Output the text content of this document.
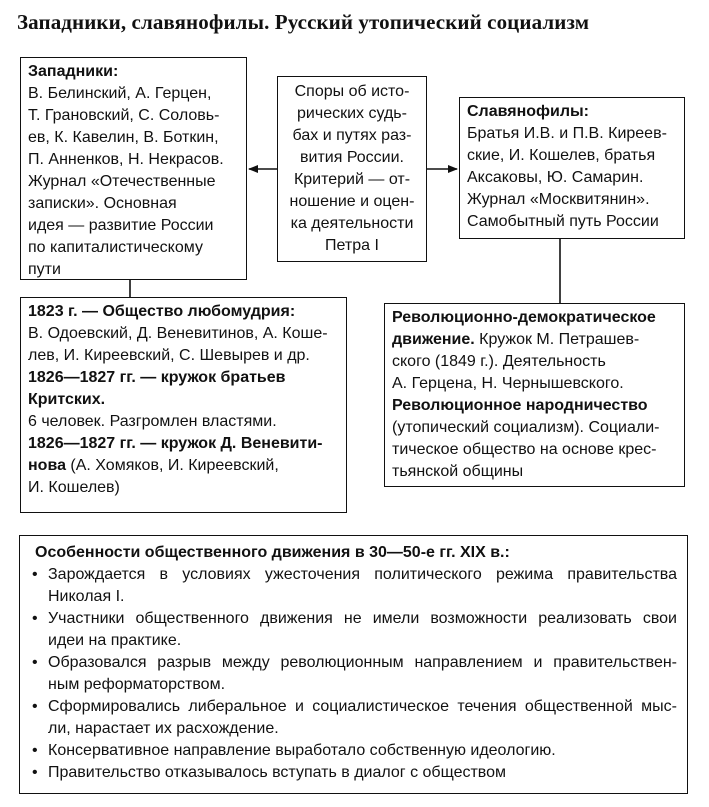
Западники, славянофилы. Русский утопический социализм
Западники:
В. Белинский, А. Герцен,
Т. Грановский, С. Соловь-
ев, К. Кавелин, В. Боткин,
П. Анненков, Н. Некрасов.
Журнал «Отечественные
записки». Основная
идея — развитие России
по капиталистическому
пути
Споры об исто-
рических судь-
бах и путях раз-
вития России.
Критерий — от-
ношение и оцен-
ка деятельности
Петра I
Славянофилы:
Братья И.В. и П.В. Киреев-
ские, И. Кошелев, братья
Аксаковы, Ю. Самарин.
Журнал «Москвитянин».
Самобытный путь России
1823 г. — Общество любомудрия:
В. Одоевский, Д. Веневитинов, А. Коше-
лев, И. Киреевский, С. Шевырев и др.
1826—1827 гг. — кружок братьев
Критских.
6 человек. Разгромлен властями.
1826—1827 гг. — кружок Д. Веневити-
нова (А. Хомяков, И. Киреевский,
И. Кошелев)
Революционно-демократическое
движение. Кружок М. Петрашев-
ского (1849 г.). Деятельность
А. Герцена, Н. Чернышевского.
Революционное народничество
(утопический социализм). Социали-
тическое общество на основе крес-
тьянской общины
Особенности общественного движения в 30—50-е гг. XIX в.:
• Зарождается в условиях ужесточения политического режима правительства
Николая I.
• Участники общественного движения не имели возможности реализовать свои
идеи на практике.
• Образовался разрыв между революционным направлением и правительствен-
ным реформаторством.
• Сформировались либеральное и социалистическое течения общественной мыс-
ли, нарастает их расхождение.
• Консервативное направление выработало собственную идеологию.
• Правительство отказывалось вступать в диалог с обществом
